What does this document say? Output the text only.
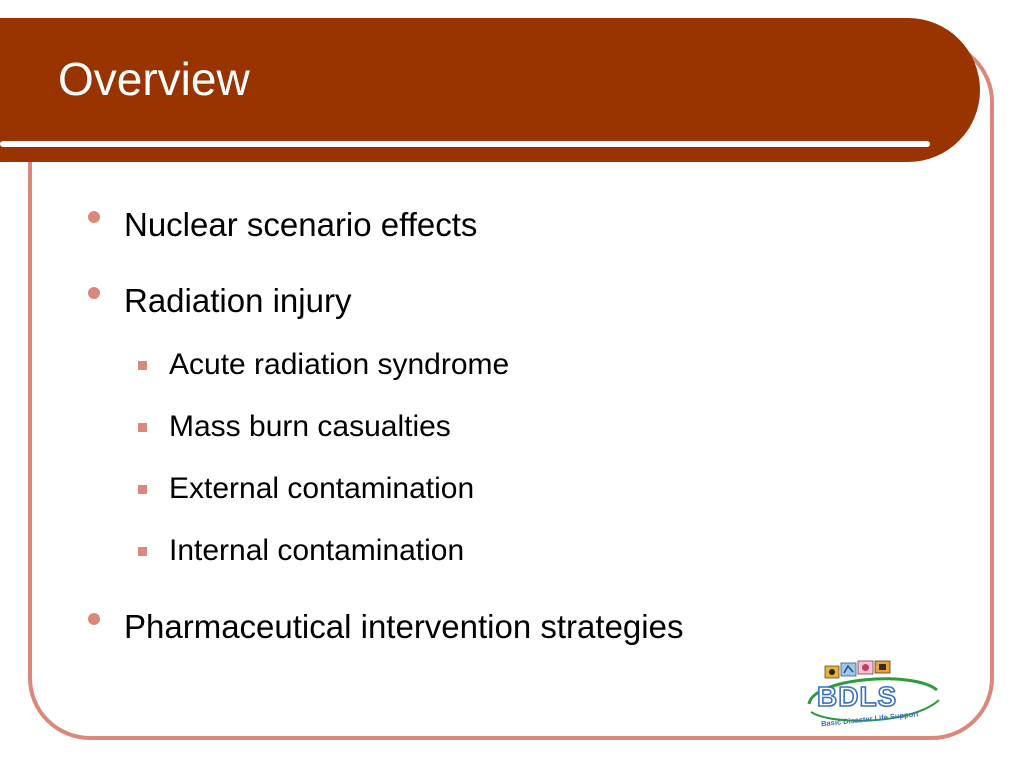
Overview
Nuclear scenario effects
Radiation injury
Acute radiation syndrome
Mass burn casualties
External contamination
Internal contamination
Pharmaceutical intervention strategies
BDLS
Basic Disaster Life Support
